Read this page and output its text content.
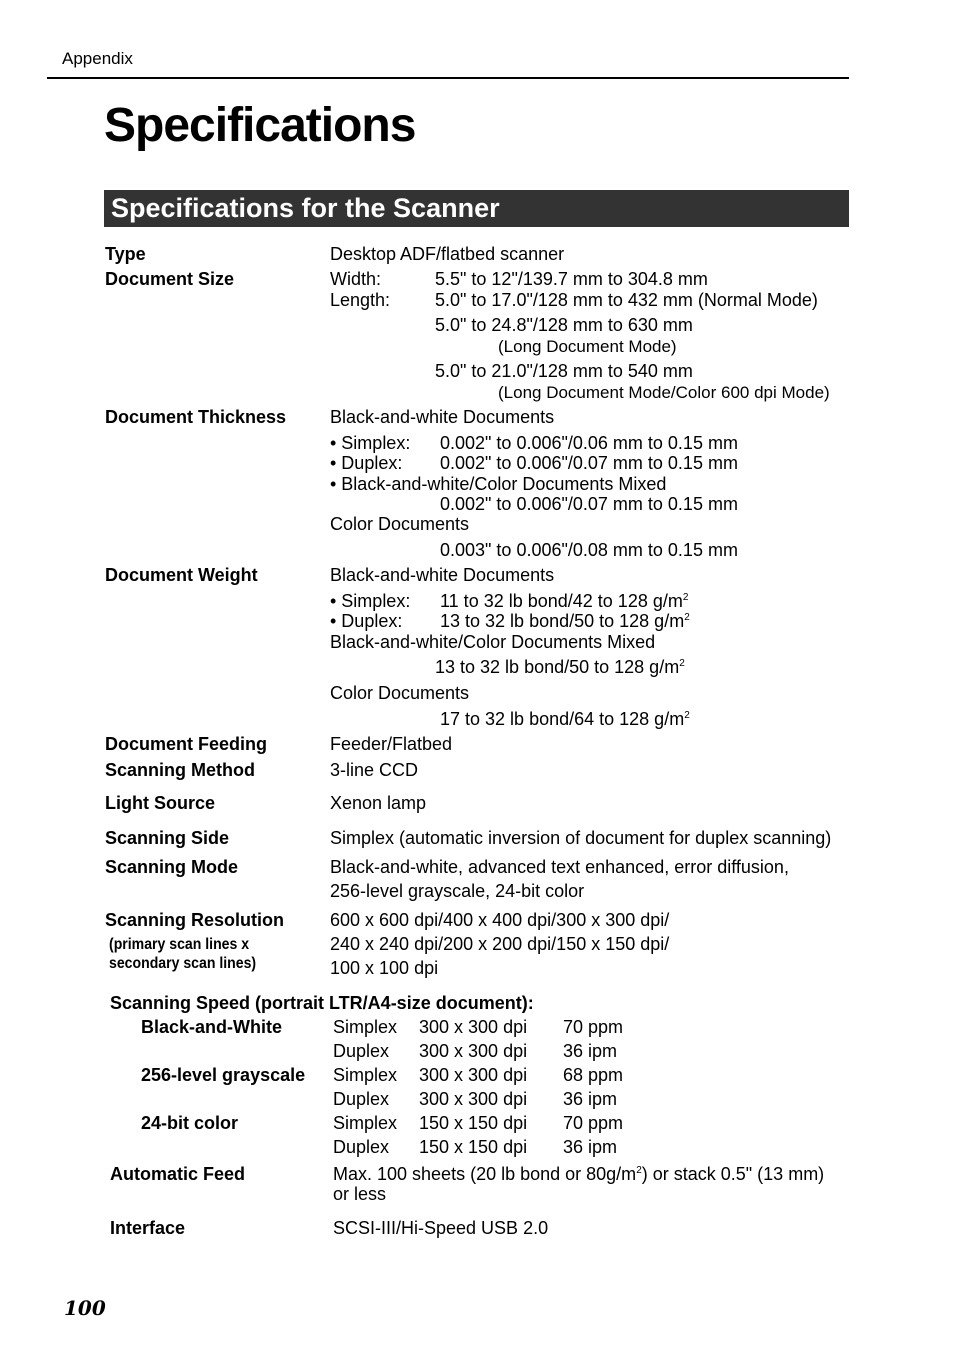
Appendix
Specifications
Specifications for the Scanner
Type	Desktop ADF/flatbed scanner
Document Size	Width:	5.5" to 12"/139.7 mm to 304.8 mm
Length: 5.0" to 17.0"/128 mm to 432 mm (Normal Mode)
5.0" to 24.8"/128 mm to 630 mm
(Long Document Mode)
5.0" to 21.0"/128 mm to 540 mm
(Long Document Mode/Color 600 dpi Mode)
Document Thickness Black-and-white Documents
• Simplex: 0.002" to 0.006"/0.06 mm to 0.15 mm
• Duplex: 0.002" to 0.006"/0.07 mm to 0.15 mm
• Black-and-white/Color Documents Mixed
0.002" to 0.006"/0.07 mm to 0.15 mm
Color Documents
0.003" to 0.006"/0.08 mm to 0.15 mm
Document Weight	Black-and-white Documents
• Simplex: 11 to 32 lb bond/42 to 128 $g/m^2$
• Duplex: 13 to 32 lb bond/50 to 128 $g/m^2$
Black-and-white/Color Documents Mixed
13 to 32 lb bond/50 to 128 $g/m^2$
Color Documents
17 to 32 lb bond/64 to 128 $g/m^2$
Document Feeding	Feeder/Flatbed
Scanning Method	3-line CCD
Light Source	Xenon lamp
Scanning Side	Simplex (automatic inversion of document for duplex scanning)
Scanning Mode	Black-and-white, advanced text enhanced, error diffusion,
256-level grayscale, 24-bit color
Scanning Resolution
(primary scan lines x
secondary scan lines)
600 x 600 dpi/400 x 400 dpi/300 x 300 dpi/
240 x 240 dpi/200 x 200 dpi/150 x 150 dpi/
100 x 100 dpi
Scanning Speed (portrait LTR/A4-size document):
Black-and-White	Simplex 300 x 300 dpi 70 ppm
Duplex 300 x 300 dpi 36 ipm
256-level grayscale Simplex 300 x 300 dpi 68 ppm
Duplex 300 x 300 dpi 36 ipm
24-bit color	Simplex 150 x 150 dpi 70 ppm
Duplex 150 x 150 dpi 36 ipm
Automatic Feed	Max. 100 sheets (20 lb bond or $80g/m^2$) or stack 0.5" (13 mm)
or less
Interface	SCSI-III/Hi-Speed USB 2.0
100
